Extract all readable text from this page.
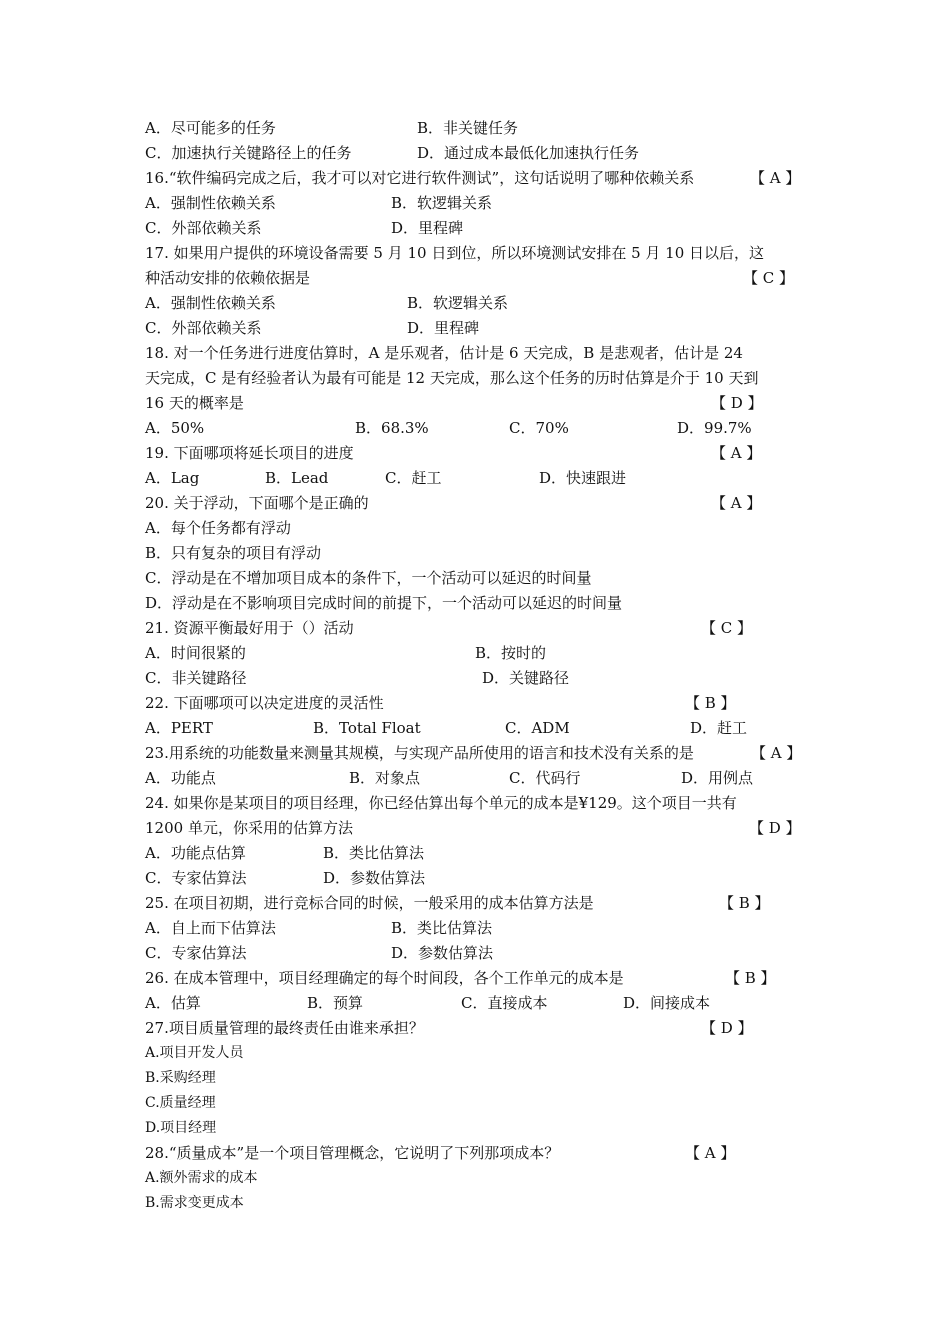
A．尽可能多的任务	B．非关键任务
C．加速执行关键路径上的任务	D．通过成本最低化加速执行任务
16.“软件编码完成之后，我才可以对它进行软件测试”，这句话说明了哪种依赖关系	【 A 】
A．强制性依赖关系	B．软逻辑关系
C．外部依赖关系	D．里程碑
17. 如果用户提供的环境设备需要 5 月 10 日到位，所以环境测试安排在 5 月 10 日以后，这
种活动安排的依赖依据是	【 C 】
A．强制性依赖关系	B．软逻辑关系
C．外部依赖关系	D．里程碑
18. 对一个任务进行进度估算时，A 是乐观者，估计是 6 天完成，B 是悲观者，估计是 24
天完成，C 是有经验者认为最有可能是 12 天完成，那么这个任务的历时估算是介于 10 天到
16 天的概率是	【 D 】
A．50%	B．68.3%	C．70%	D．99.7%
19. 下面哪项将延长项目的进度	【 A 】
A．Lag	B．Lead	C．赶工	D．快速跟进
20. 关于浮动，下面哪个是正确的	【 A 】
A．每个任务都有浮动
B．只有复杂的项目有浮动
C．浮动是在不增加项目成本的条件下，一个活动可以延迟的时间量
D．浮动是在不影响项目完成时间的前提下，一个活动可以延迟的时间量
21. 资源平衡最好用于（）活动	【 C 】
A．时间很紧的	B．按时的
C．非关键路径	D．关键路径
22. 下面哪项可以决定进度的灵活性	【 B 】
A．PERT	B．Total Float	C．ADM	D．赶工
23.用系统的功能数量来测量其规模，与实现产品所使用的语言和技术没有关系的是	【 A 】
A．功能点	B．对象点	C．代码行	D．用例点
24. 如果你是某项目的项目经理，你已经估算出每个单元的成本是¥129。这个项目一共有
1200 单元，你采用的估算方法	【 D 】
A．功能点估算	B．类比估算法
C．专家估算法	D．参数估算法
25. 在项目初期，进行竞标合同的时候，一般采用的成本估算方法是	【 B 】
A．自上而下估算法	B．类比估算法
C．专家估算法	D．参数估算法
26. 在成本管理中，项目经理确定的每个时间段，各个工作单元的成本是	【 B 】
A．估算	B．预算	C．直接成本	D．间接成本
27.项目质量管理的最终责任由谁来承担？	【 D 】
A.项目开发人员
B.采购经理
C.质量经理
D.项目经理
28.“质量成本”是一个项目管理概念，它说明了下列那项成本？	【 A 】
A.额外需求的成本
B.需求变更成本
